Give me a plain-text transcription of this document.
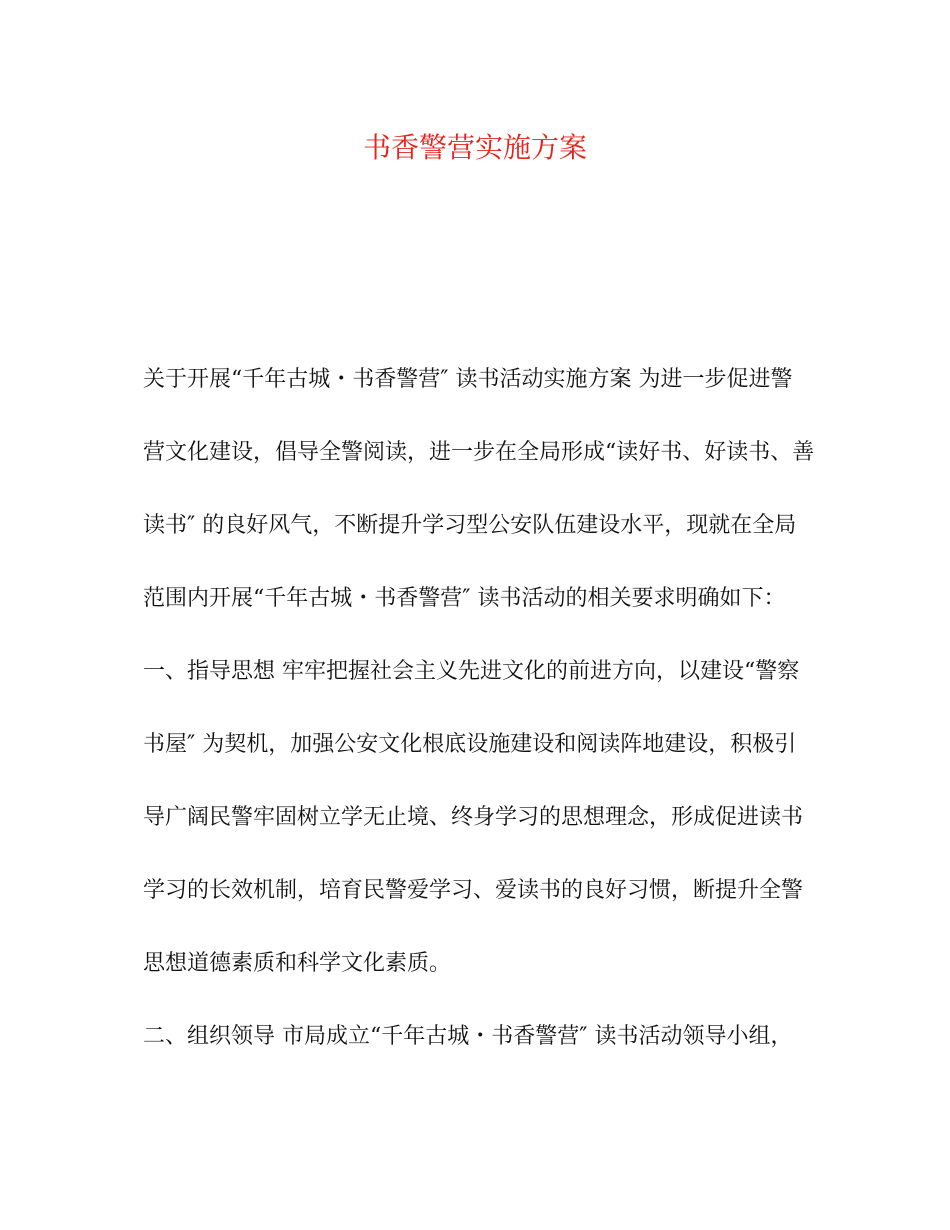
书香警营实施方案
关于开展“千年古城・书香警营″ 读书活动实施方案 为进一步促进警
营文化建设，倡导全警阅读，进一步在全局形成“读好书、好读书、善
读书″ 的良好风气，不断提升学习型公安队伍建设水平，现就在全局
范围内开展“千年古城・书香警营″ 读书活动的相关要求明确如下：
一、指导思想 牢牢把握社会主义先进文化的前进方向，以建设“警察
书屋″ 为契机，加强公安文化根底设施建设和阅读阵地建设，积极引
导广阔民警牢固树立学无止境、终身学习的思想理念，形成促进读书
学习的长效机制，培育民警爱学习、爱读书的良好习惯，断提升全警
思想道德素质和科学文化素质。
二、组织领导 市局成立“千年古城・书香警营″ 读书活动领导小组，
